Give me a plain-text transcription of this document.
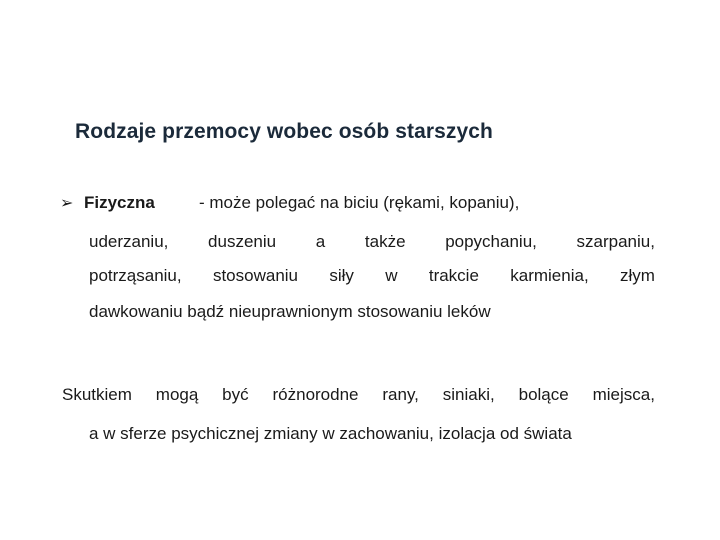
Rodzaje przemocy wobec osób starszych
➢ Fizyczna	- może polegać na biciu (rękami, kopaniu),
uderzaniu, duszeniu a także popychaniu, szarpaniu,
potrząsaniu, stosowaniu siły w trakcie karmienia, złym
dawkowaniu bądź nieuprawnionym stosowaniu leków
Skutkiem mogą być różnorodne rany, siniaki, bolące miejsca,
a w sferze psychicznej zmiany w zachowaniu, izolacja od świata
